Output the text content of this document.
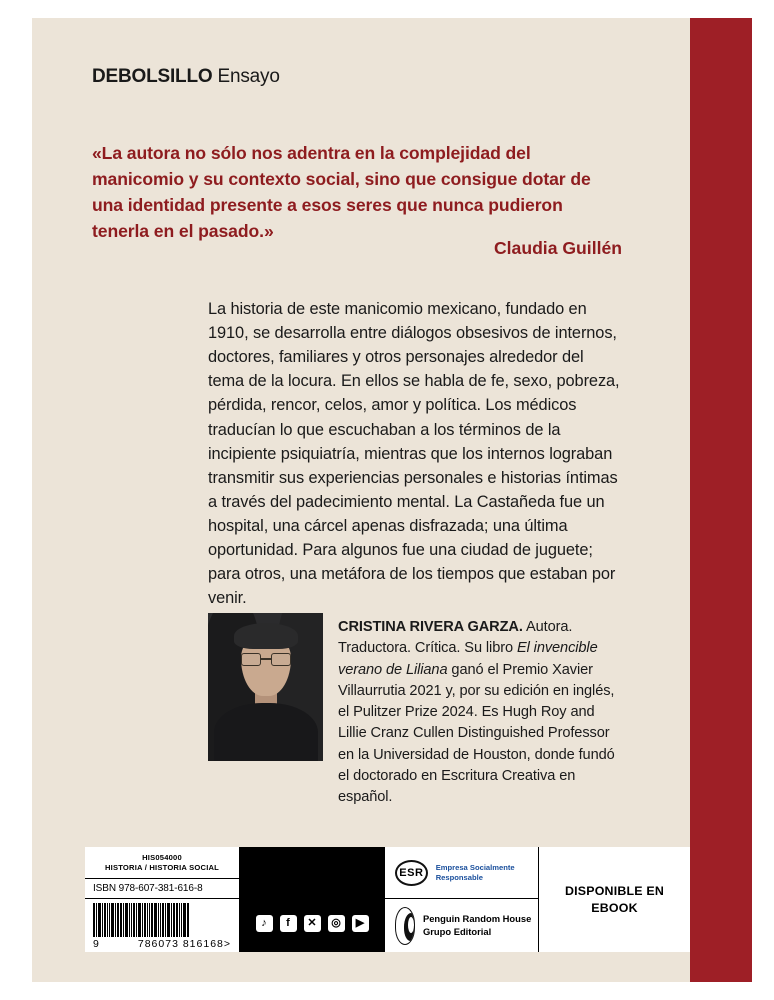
DEBOLSILLO Ensayo
«La autora no sólo nos adentra en la complejidad del manicomio y su contexto social, sino que consigue dotar de una identidad presente a esos seres que nunca pudieron tenerla en el pasado.»
Claudia Guillén
La historia de este manicomio mexicano, fundado en 1910, se desarrolla entre diálogos obsesivos de internos, doctores, familiares y otros personajes alrededor del tema de la locura. En ellos se habla de fe, sexo, pobreza, pérdida, rencor, celos, amor y política. Los médicos traducían lo que escuchaban a los términos de la incipiente psiquiatría, mientras que los internos lograban transmitir sus experiencias personales e historias íntimas a través del padecimiento mental. La Castañeda fue un hospital, una cárcel apenas disfrazada; una última oportunidad. Para algunos fue una ciudad de juguete; para otros, una metáfora de los tiempos que estaban por venir.
CRISTINA RIVERA GARZA. Autora. Traductora. Crítica. Su libro El invencible verano de Liliana ganó el Premio Xavier Villaurrutia 2021 y, por su edición en inglés, el Pulitzer Prize 2024. Es Hugh Roy and Lillie Cranz Cullen Distinguished Professor en la Universidad de Houston, donde fundó el doctorado en Escritura Creativa en español.
HIS054000
HISTORIA / HISTORIA SOCIAL
ISBN 978-607-381-616-8
9	786073 816168>
♪	f	✕	◎	▶
ESR	Empresa Socialmente Responsable
Penguin Random House Grupo Editorial
DISPONIBLE EN EBOOK
